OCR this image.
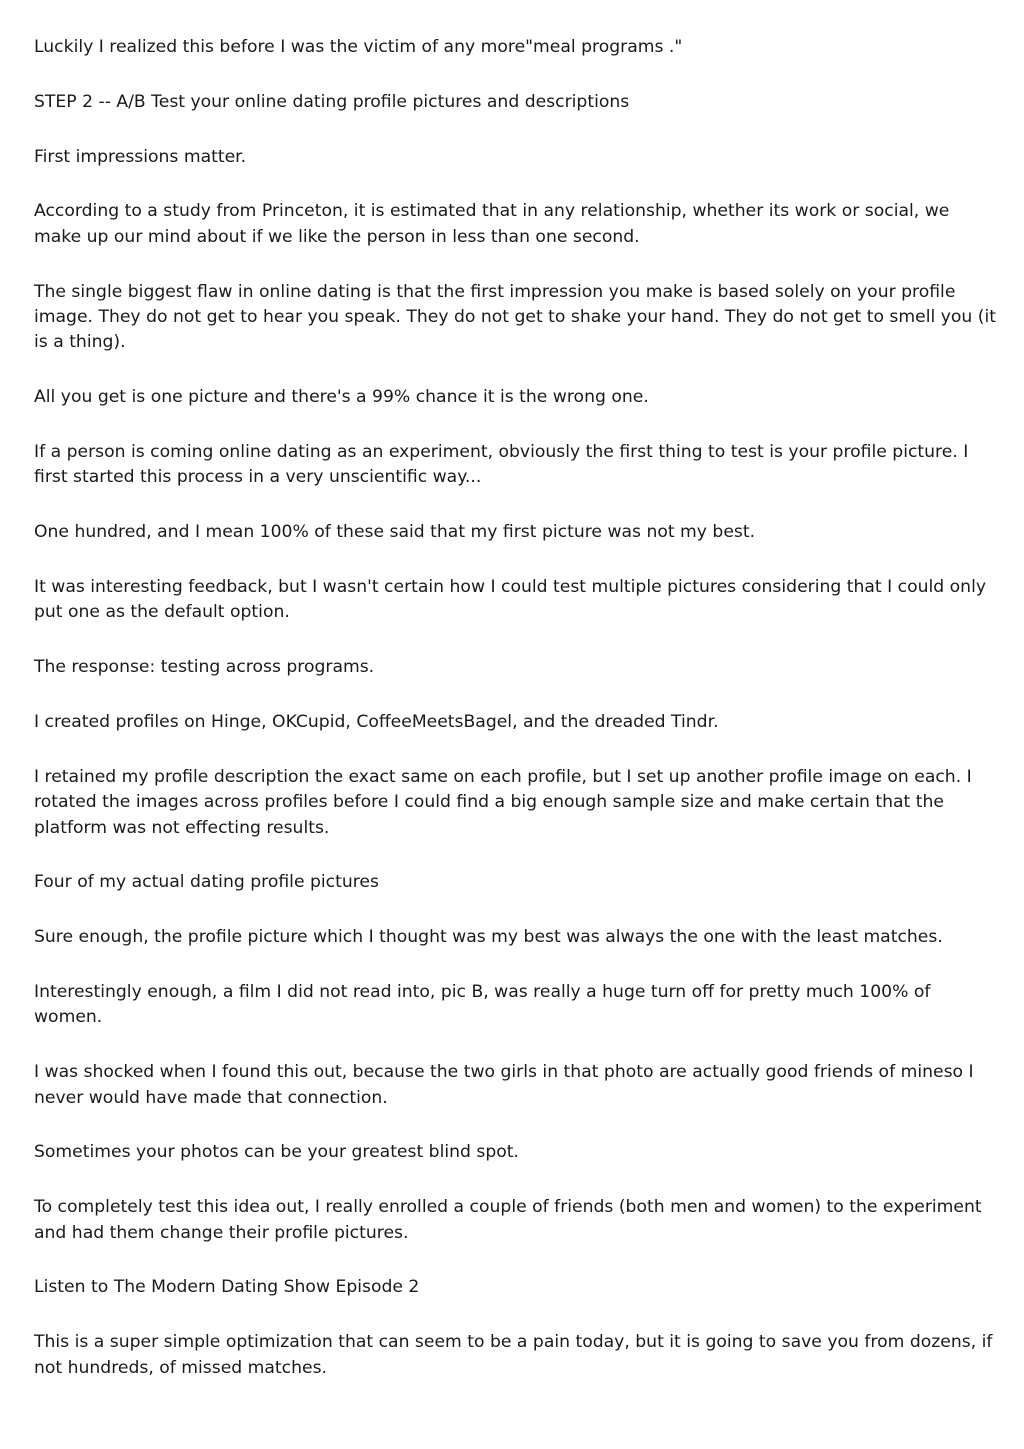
Luckily I realized this before I was the victim of any more"meal programs ."

STEP 2 -- A/B Test your online dating profile pictures and descriptions

First impressions matter.

According to a study from Princeton, it is estimated that in any relationship, whether its work or social, we make up our mind about if we like the person in less than one second.

The single biggest flaw in online dating is that the first impression you make is based solely on your profile image. They do not get to hear you speak. They do not get to shake your hand. They do not get to smell you (it is a thing).

All you get is one picture and there's a 99% chance it is the wrong one.

If a person is coming online dating as an experiment, obviously the first thing to test is your profile picture. I first started this process in a very unscientific way...

One hundred, and I mean 100% of these said that my first picture was not my best.

It was interesting feedback, but I wasn't certain how I could test multiple pictures considering that I could only put one as the default option.

The response: testing across programs.

I created profiles on Hinge, OKCupid, CoffeeMeetsBagel, and the dreaded Tindr.

I retained my profile description the exact same on each profile, but I set up another profile image on each. I rotated the images across profiles before I could find a big enough sample size and make certain that the platform was not effecting results.

Four of my actual dating profile pictures

Sure enough, the profile picture which I thought was my best was always the one with the least matches.

Interestingly enough, a film I did not read into, pic B, was really a huge turn off for pretty much 100% of women.

I was shocked when I found this out, because the two girls in that photo are actually good friends of mineso I never would have made that connection.

Sometimes your photos can be your greatest blind spot.

To completely test this idea out, I really enrolled a couple of friends (both men and women) to the experiment and had them change their profile pictures.

Listen to The Modern Dating Show Episode 2

This is a super simple optimization that can seem to be a pain today, but it is going to save you from dozens, if not hundreds, of missed matches.
